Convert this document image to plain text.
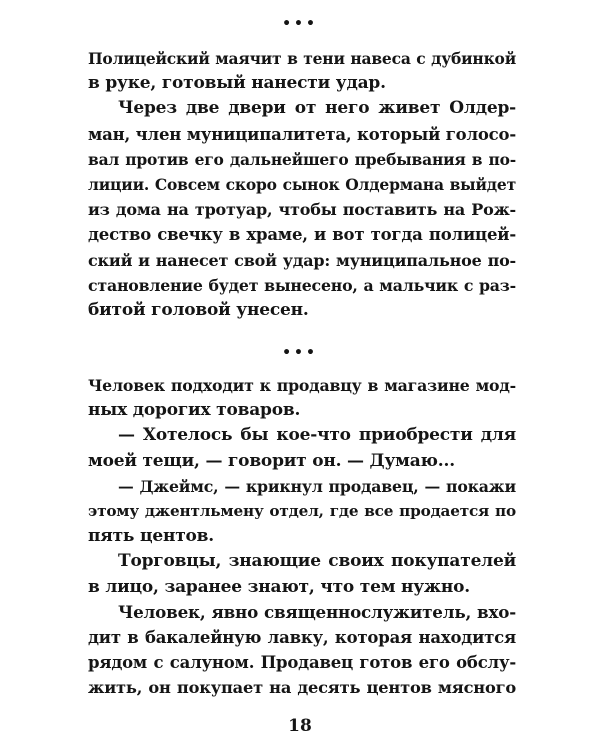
•••
Полицейский маячит в тени навеса с дубинкой
в руке, готовый нанести удар.
Через две двери от него живет Олдер-
ман, член муниципалитета, который голосо-
вал против его дальнейшего пребывания в по-
лиции. Совсем скоро сынок Олдермана выйдет
из дома на тротуар, чтобы поставить на Рож-
дество свечку в храме, и вот тогда полицей-
ский и нанесет свой удар: муниципальное по-
становление будет вынесено, а мальчик с раз-
битой головой унесен.
•••
Человек подходит к продавцу в магазине мод-
ных дорогих товаров.
— Хотелось бы кое-что приобрести для
моей тещи, — говорит он. — Думаю...
— Джеймс, — крикнул продавец, — покажи
этому джентльмену отдел, где все продается по
пять центов.
Торговцы, знающие своих покупателей
в лицо, заранее знают, что тем нужно.
Человек, явно священнослужитель, вхо-
дит в бакалейную лавку, которая находится
рядом с салуном. Продавец готов его обслу-
жить, он покупает на десять центов мясного
18
